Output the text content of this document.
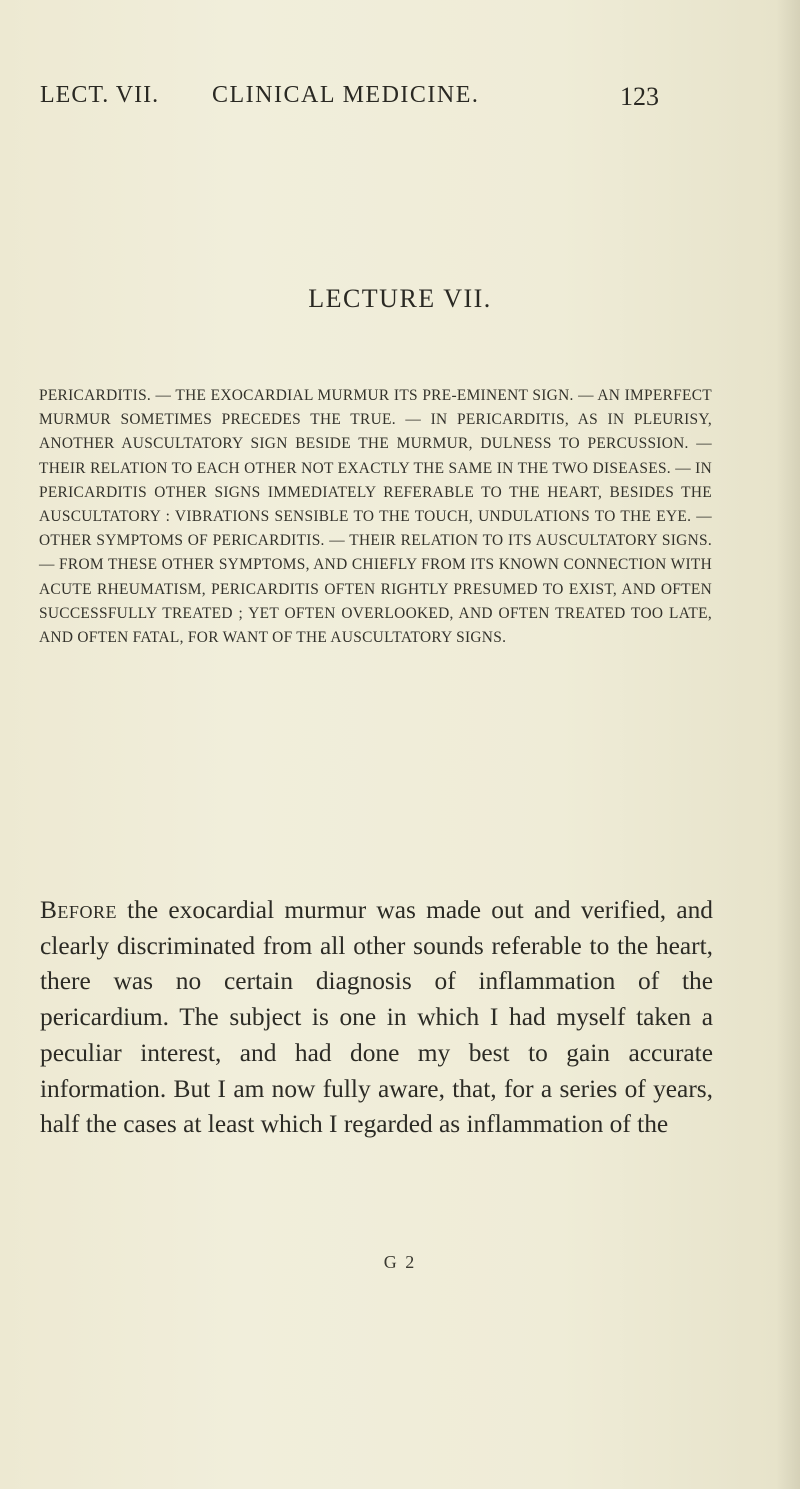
LECT. VII. CLINICAL MEDICINE.	123
LECTURE VII.
PERICARDITIS. — THE EXOCARDIAL MURMUR ITS PRE-EMINENT SIGN. — AN IMPERFECT MURMUR SOMETIMES PRECEDES THE TRUE. — IN PERICARDITIS, AS IN PLEURISY, ANOTHER AUSCULTATORY SIGN BESIDE THE MURMUR, DULNESS TO PERCUSSION. — THEIR RELATION TO EACH OTHER NOT EXACTLY THE SAME IN THE TWO DISEASES. — IN PERICARDITIS OTHER SIGNS IMMEDIATELY REFERABLE TO THE HEART, BESIDES THE AUSCULTATORY : VIBRATIONS SENSIBLE TO THE TOUCH, UNDULATIONS TO THE EYE. — OTHER SYMPTOMS OF PERICARDITIS. — THEIR RELATION TO ITS AUSCULTATORY SIGNS. — FROM THESE OTHER SYMPTOMS, AND CHIEFLY FROM ITS KNOWN CONNECTION WITH ACUTE RHEUMATISM, PERICARDITIS OFTEN RIGHTLY PRESUMED TO EXIST, AND OFTEN SUCCESSFULLY TREATED ; YET OFTEN OVERLOOKED, AND OFTEN TREATED TOO LATE, AND OFTEN FATAL, FOR WANT OF THE AUSCULTATORY SIGNS.
Before the exocardial murmur was made out and verified, and clearly discriminated from all other sounds referable to the heart, there was no certain diagnosis of inflammation of the pericardium. The subject is one in which I had myself taken a peculiar interest, and had done my best to gain accurate information. But I am now fully aware, that, for a series of years, half the cases at least which I regarded as inflammation of the
G 2
